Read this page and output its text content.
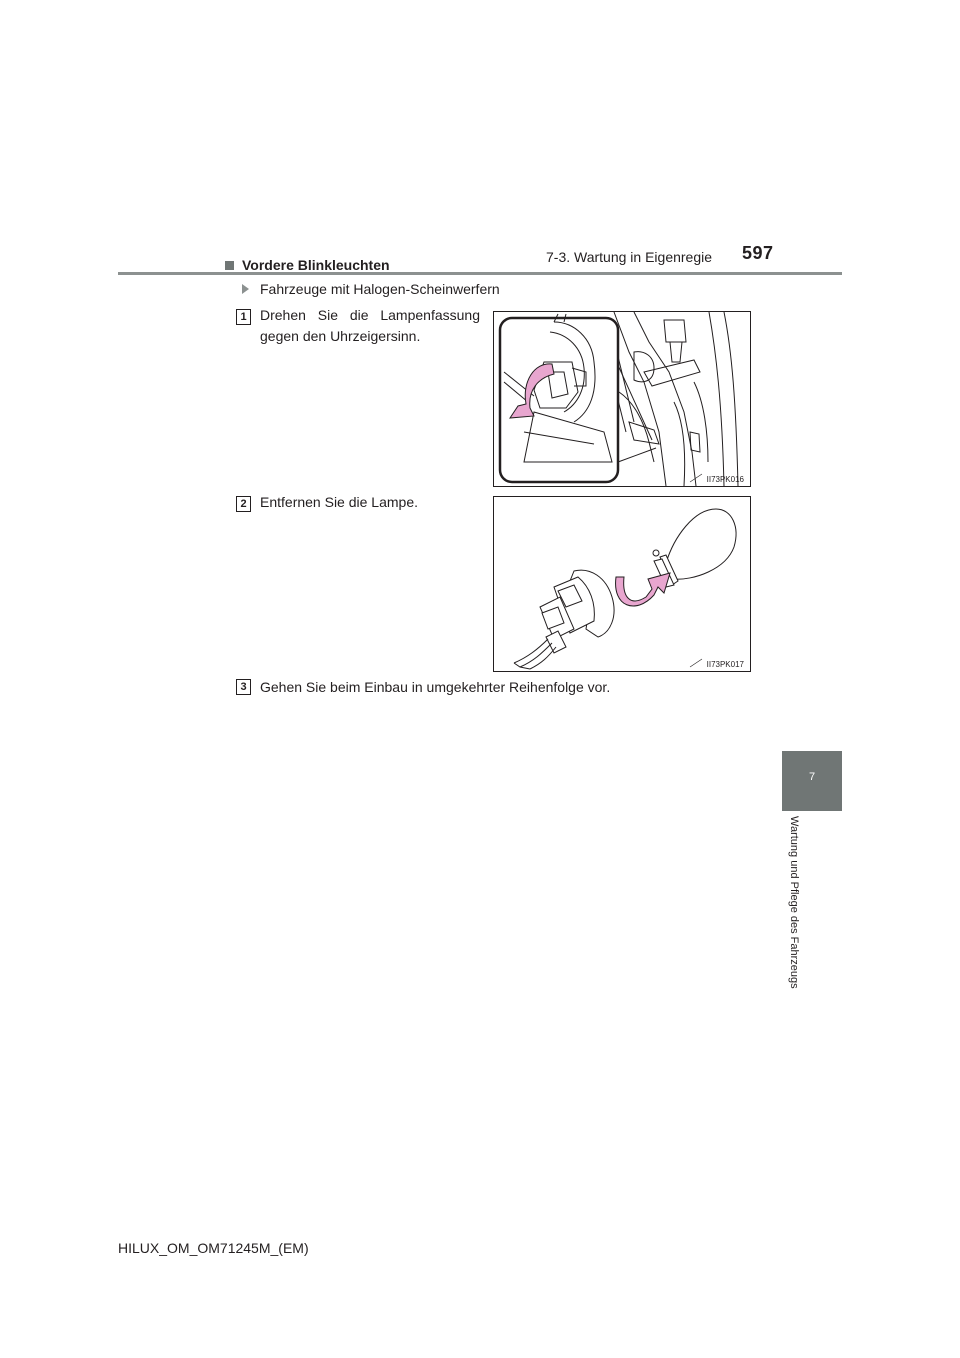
7-3. Wartung in Eigenregie 597
Vordere Blinkleuchten
Fahrzeuge mit Halogen-Scheinwerfern
1 Drehen Sie die Lampenfassung gegen den Uhrzeigersinn.
II73PK016
2 Entfernen Sie die Lampe.
II73PK017
3 Gehen Sie beim Einbau in umgekehrter Reihenfolge vor.
7
Wartung und Pflege des Fahrzeugs
HILUX_OM_OM71245M_(EM)
